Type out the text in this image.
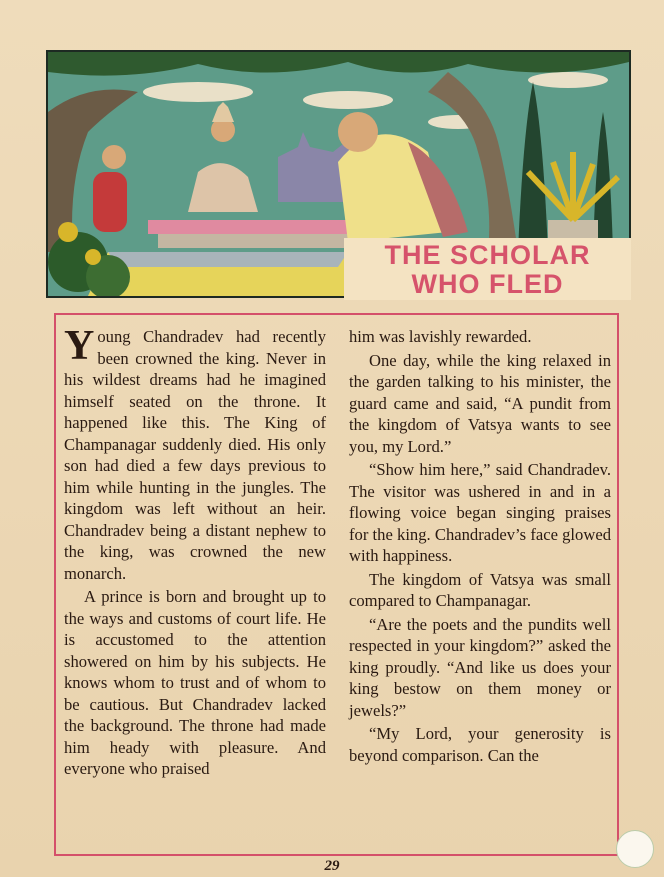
THE SCHOLAR
WHO FLED

Young Chandradev had recently been crowned the king. Never in his wildest dreams had he imagined himself seated on the throne. It happened like this. The King of Champanagar suddenly died. His only son had died a few days previous to him while hunting in the jungles. The kingdom was left without an heir. Chandradev being a distant nephew to the king, was crowned the new monarch.

A prince is born and brought up to the ways and customs of court life. He is accustomed to the attention showered on him by his subjects. He knows whom to trust and of whom to be cautious. But Chandradev lacked the background. The throne had made him heady with pleasure. And everyone who praised

him was lavishly rewarded.

One day, while the king relaxed in the garden talking to his minister, the guard came and said, “A pundit from the kingdom of Vatsya wants to see you, my Lord.”

“Show him here,” said Chandradev. The visitor was ushered in and in a flowing voice began singing praises for the king. Chandradev’s face glowed with happiness.

The kingdom of Vatsya was small compared to Champanagar.

“Are the poets and the pundits well respected in your kingdom?” asked the king proudly. “And like us does your king bestow on them money or jewels?”

“My Lord, your generosity is beyond comparison. Can the

29
